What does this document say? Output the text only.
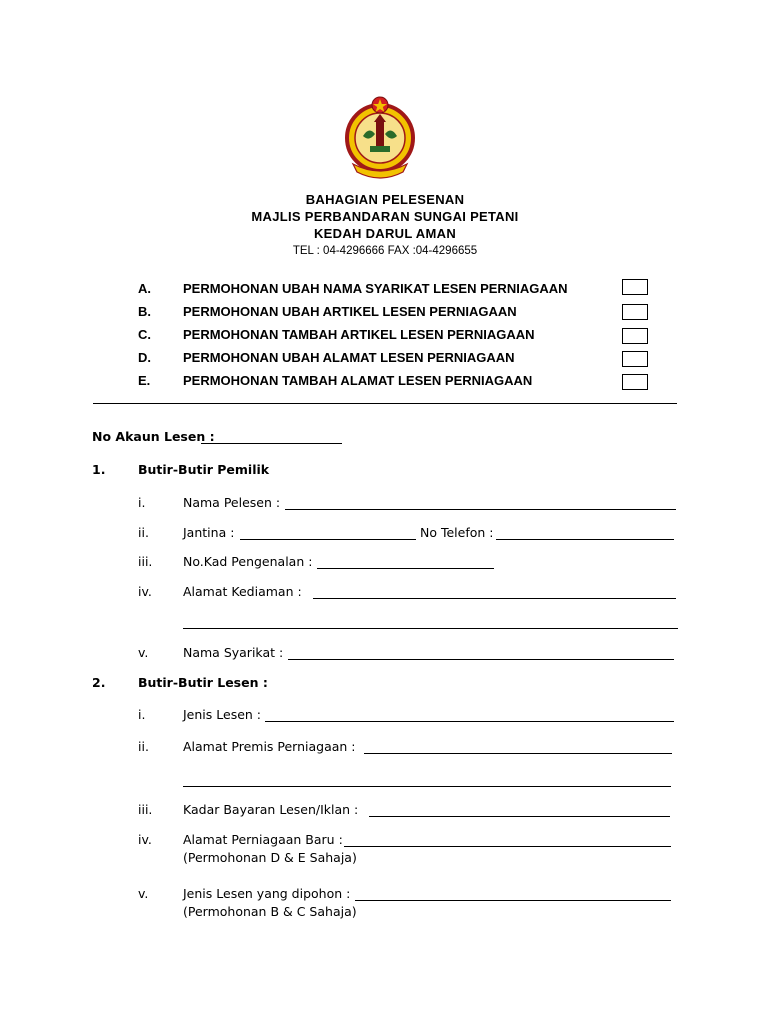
BAHAGIAN PELESENAN
MAJLIS PERBANDARAN SUNGAI PETANI
KEDAH DARUL AMAN
TEL : 04-4296666 FAX :04-4296655
A. PERMOHONAN UBAH NAMA SYARIKAT LESEN PERNIAGAAN
B. PERMOHONAN UBAH ARTIKEL LESEN PERNIAGAAN
C. PERMOHONAN TAMBAH ARTIKEL LESEN PERNIAGAAN
D. PERMOHONAN UBAH ALAMAT LESEN PERNIAGAAN
E.	PERMOHONAN TAMBAH ALAMAT LESEN PERNIAGAAN
No Akaun Lesen :
1.	Butir-Butir Pemilik
i.	Nama Pelesen :
ii.	Jantina :	No Telefon :
iii. No.Kad Pengenalan :
iv. Alamat Kediaman :
v.	Nama Syarikat :
2.	Butir-Butir Lesen :
i.	Jenis Lesen :
ii.	Alamat Premis Perniagaan :
iii. Kadar Bayaran Lesen/Iklan :
iv. Alamat Perniagaan Baru :
(Permohonan D & E Sahaja)
v.	Jenis Lesen yang dipohon :
(Permohonan B & C Sahaja)
